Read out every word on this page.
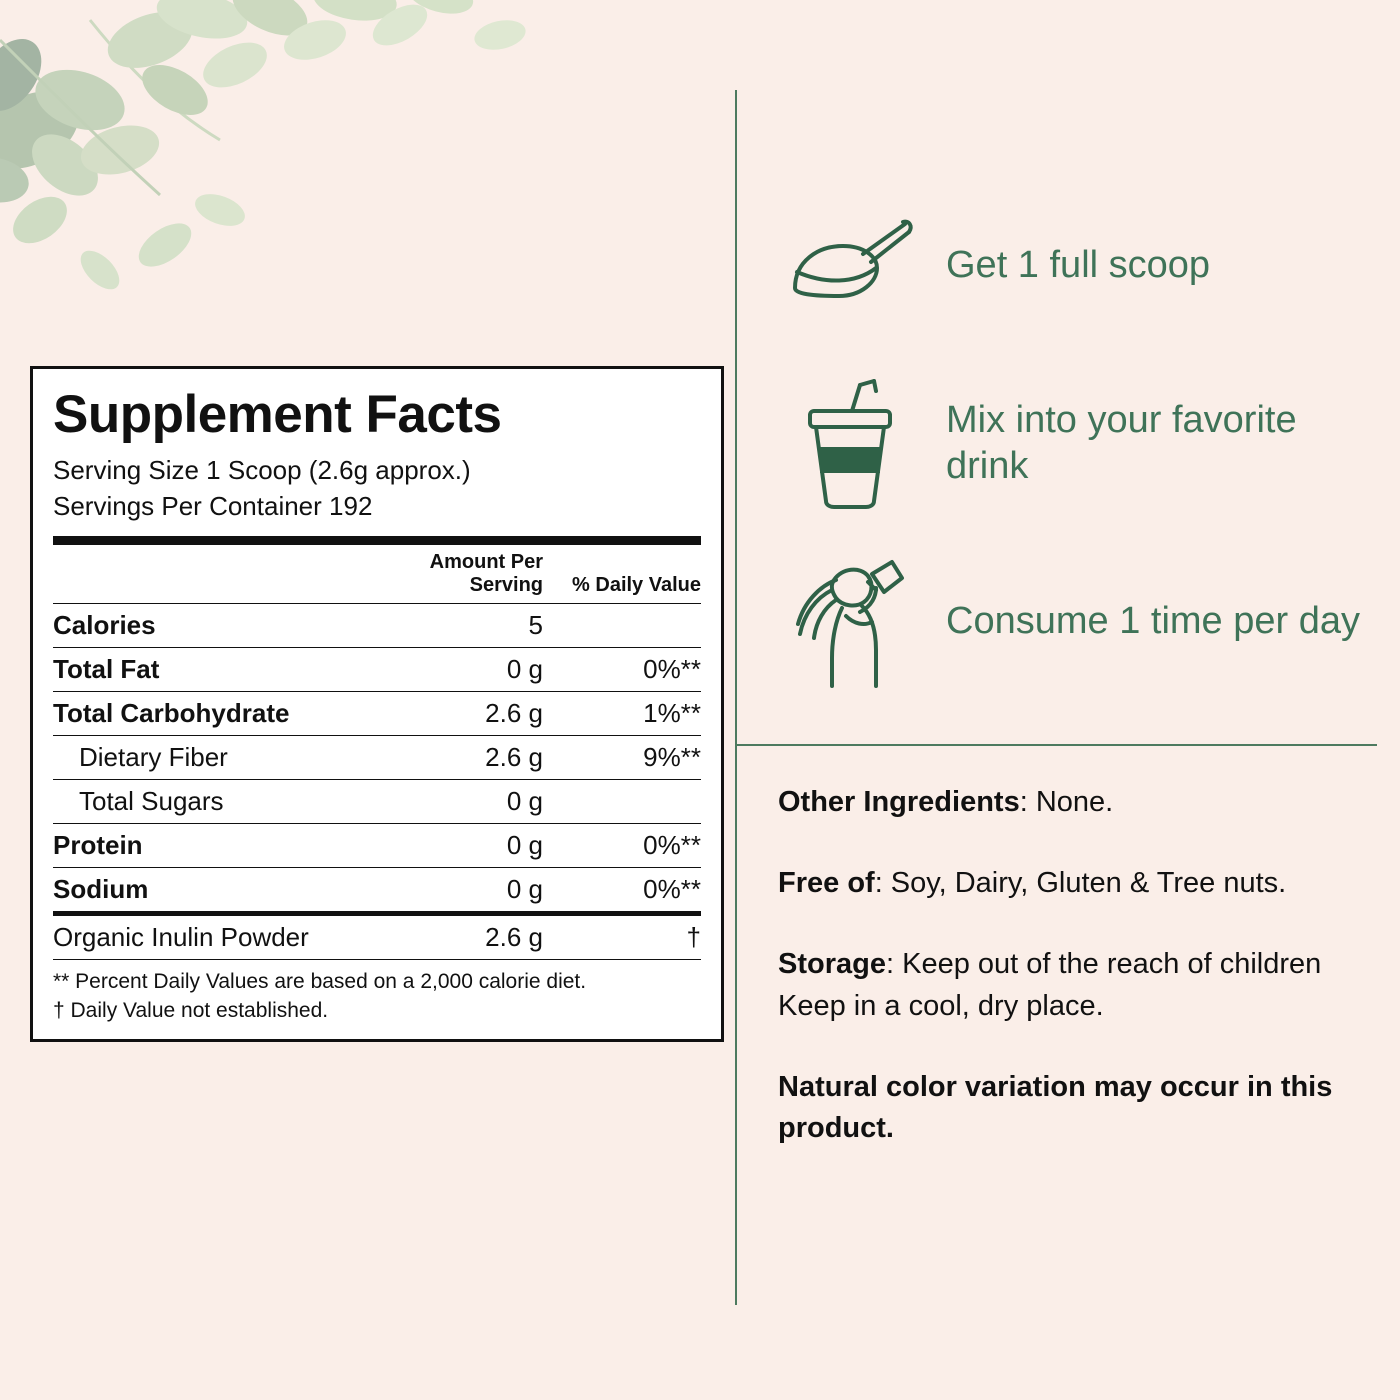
Supplement Facts
Serving Size 1 Scoop (2.6g approx.)
Servings Per Container 192
	Amount Per Serving	% Daily Value
Calories	5	
Total Fat	0 g	0%**
Total Carbohydrate	2.6 g	1%**
Dietary Fiber	2.6 g	9%**
Total Sugars	0 g	
Protein	0 g	0%**
Sodium	0 g	0%**
Organic Inulin Powder	2.6 g	†
** Percent Daily Values are based on a 2,000 calorie diet.
† Daily Value not established.
Get 1 full scoop
Mix into your favorite drink
Consume 1 time per day

Other Ingredients: None.

Free of: Soy, Dairy, Gluten & Tree nuts.

Storage: Keep out of the reach of children Keep in a cool, dry place.

Natural color variation may occur in this product.
